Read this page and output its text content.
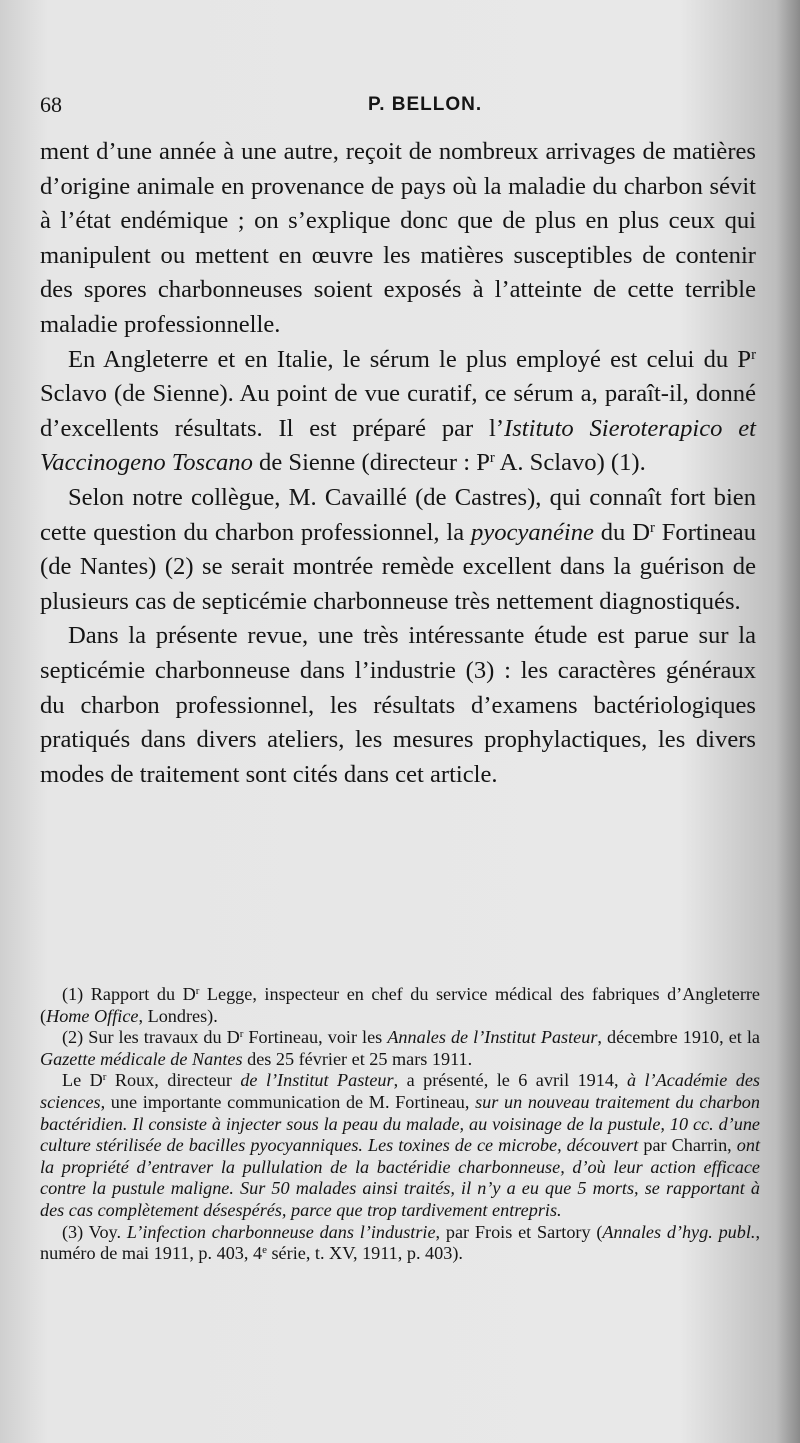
68	P. BELLON.

ment d’une année à une autre, reçoit de nombreux arrivages de matières d’origine animale en provenance de pays où la maladie du charbon sévit à l’état endémique ; on s’explique donc que de plus en plus ceux qui manipulent ou mettent en œuvre les matières susceptibles de contenir des spores charbonneuses soient exposés à l’atteinte de cette terrible maladie professionnelle.

En Angleterre et en Italie, le sérum le plus employé est celui du $P^r$ Sclavo (de Sienne). Au point de vue curatif, ce sérum a, paraît-il, donné d’excellents résultats. Il est préparé par l’Istituto Sieroterapico et Vaccinogeno Toscano de Sienne (directeur : $P^r$ A. Sclavo) (1).

Selon notre collègue, M. Cavaillé (de Castres), qui connaît fort bien cette question du charbon professionnel, la pyocyanéine du $D^r$ Fortineau (de Nantes) (2) se serait montrée remède excellent dans la guérison de plusieurs cas de septicémie charbonneuse très nettement diagnostiqués.

Dans la présente revue, une très intéressante étude est parue sur la septicémie charbonneuse dans l’industrie (3) : les caractères généraux du charbon professionnel, les résultats d’examens bactériologiques pratiqués dans divers ateliers, les mesures prophylactiques, les divers modes de traitement sont cités dans cet article.

(1) Rapport du $D^r$ Legge, inspecteur en chef du service médical des fabriques d’Angleterre (Home Office, Londres).

(2) Sur les travaux du $D^r$ Fortineau, voir les Annales de l’Institut Pasteur, décembre 1910, et la Gazette médicale de Nantes des 25 février et 25 mars 1911.

Le $D^r$ Roux, directeur de l’Institut Pasteur, a présenté, le 6 avril 1914, à l’Académie des sciences, une importante communication de M. Fortineau, sur un nouveau traitement du charbon bactéridien. Il consiste à injecter sous la peau du malade, au voisinage de la pustule, 10 cc. d’une culture stérilisée de bacilles pyocyanniques. Les toxines de ce microbe, découvert par Charrin, ont la propriété d’entraver la pullulation de la bactéridie charbonneuse, d’où leur action efficace contre la pustule maligne. Sur 50 malades ainsi traités, il n’y a eu que 5 morts, se rapportant à des cas complètement désespérés, parce que trop tardivement entrepris.

(3) Voy. L’infection charbonneuse dans l’industrie, par Frois et Sartory (Annales d’hyg. publ., numéro de mai 1911, p. 403, 4e série, t. XV, 1911, p. 403).
